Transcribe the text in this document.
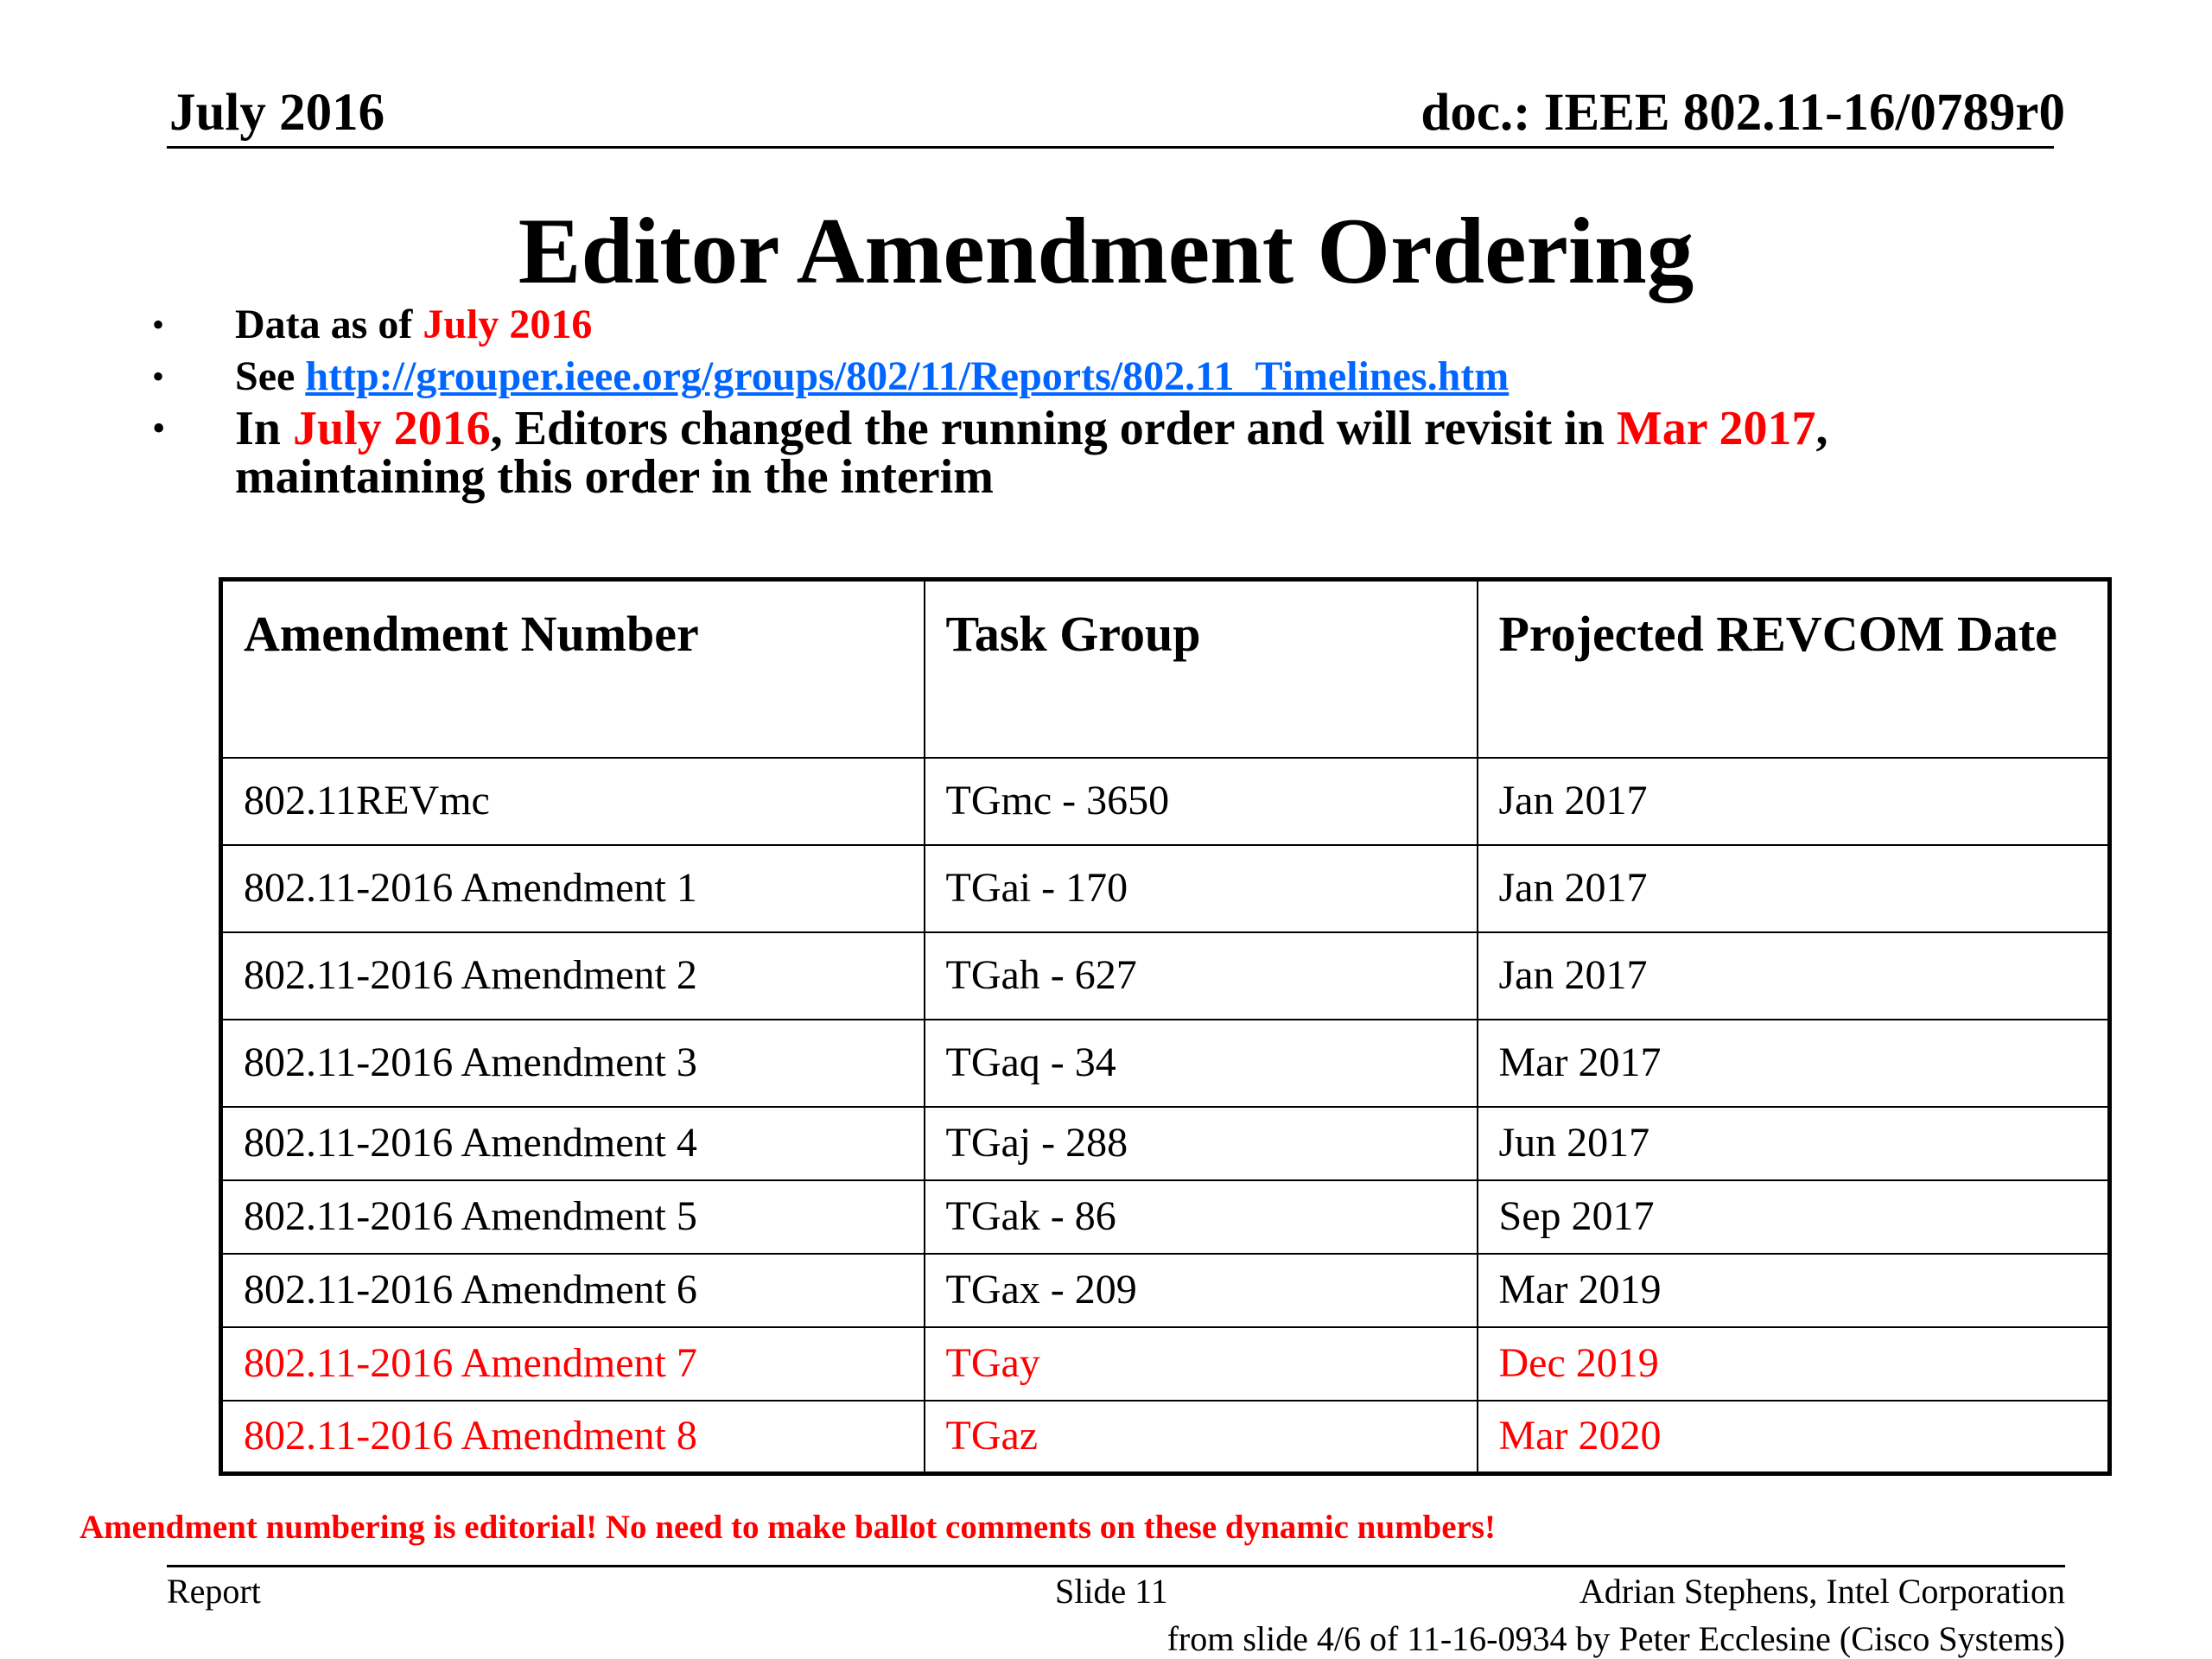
July 2016	doc.: IEEE 802.11-16/0789r0
Editor Amendment Ordering
• Data as of July 2016
• See http://grouper.ieee.org/groups/802/11/Reports/802.11_Timelines.htm
• In July 2016, Editors changed the running order and will revisit in Mar 2017, maintaining this order in the interim
Amendment Number	Task Group	Projected REVCOM Date
802.11REVmc	TGmc - 3650	Jan 2017
802.11-2016 Amendment 1	TGai - 170	Jan 2017
802.11-2016 Amendment 2	TGah - 627	Jan 2017
802.11-2016 Amendment 3	TGaq - 34	Mar 2017
802.11-2016 Amendment 4	TGaj - 288	Jun 2017
802.11-2016 Amendment 5	TGak - 86	Sep 2017
802.11-2016 Amendment 6	TGax - 209	Mar 2019
802.11-2016 Amendment 7	TGay	Dec 2019
802.11-2016 Amendment 8	TGaz	Mar 2020
Amendment numbering is editorial! No need to make ballot comments on these dynamic numbers!
Report	Slide 11	Adrian Stephens, Intel Corporation
from slide 4/6 of 11-16-0934 by Peter Ecclesine (Cisco Systems)
